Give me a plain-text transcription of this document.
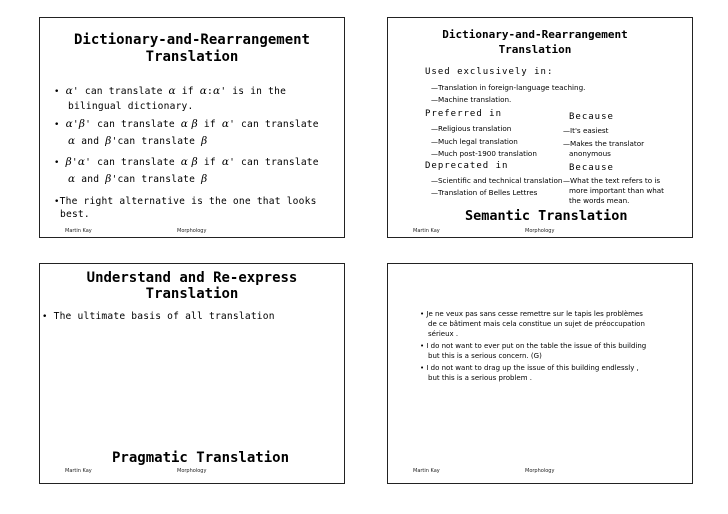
Dictionary-and-Rearrangement
Translation
• α' can translate α if α:α' is in the
bilingual dictionary.
• α'β' can translate α β if α' can translate
α and β'can translate β
• β'α' can translate α β if α' can translate
α and β'can translate β
•The right alternative is the one that looks
best.
Martin Kay	Morphology
Dictionary-and-Rearrangement
Translation
Used exclusively in:
—Translation in foreign-language teaching.
—Machine translation.
Preferred in
—Religious translation
—Much legal translation
—Much post-1900 translation
Because
—It's easiest
—Makes the translator
anonymous
Deprecated in
—Scientific and technical translation
—Translation of Belles Lettres
Because
—What the text refers to is
more important than what
the words mean.
Semantic Translation
Martin Kay	Morphology
Understand and Re-express
Translation
• The ultimate basis of all translation
Pragmatic Translation
Martin Kay	Morphology
• Je ne veux pas sans cesse remettre sur le tapis les problèmes
de ce bâtiment mais cela constitue un sujet de préoccupation
sérieux .
• I do not want to ever put on the table the issue of this building
but this is a serious concern. (G)
• I do not want to drag up the issue of this building endlessly ,
but this is a serious problem .
Martin Kay	Morphology
